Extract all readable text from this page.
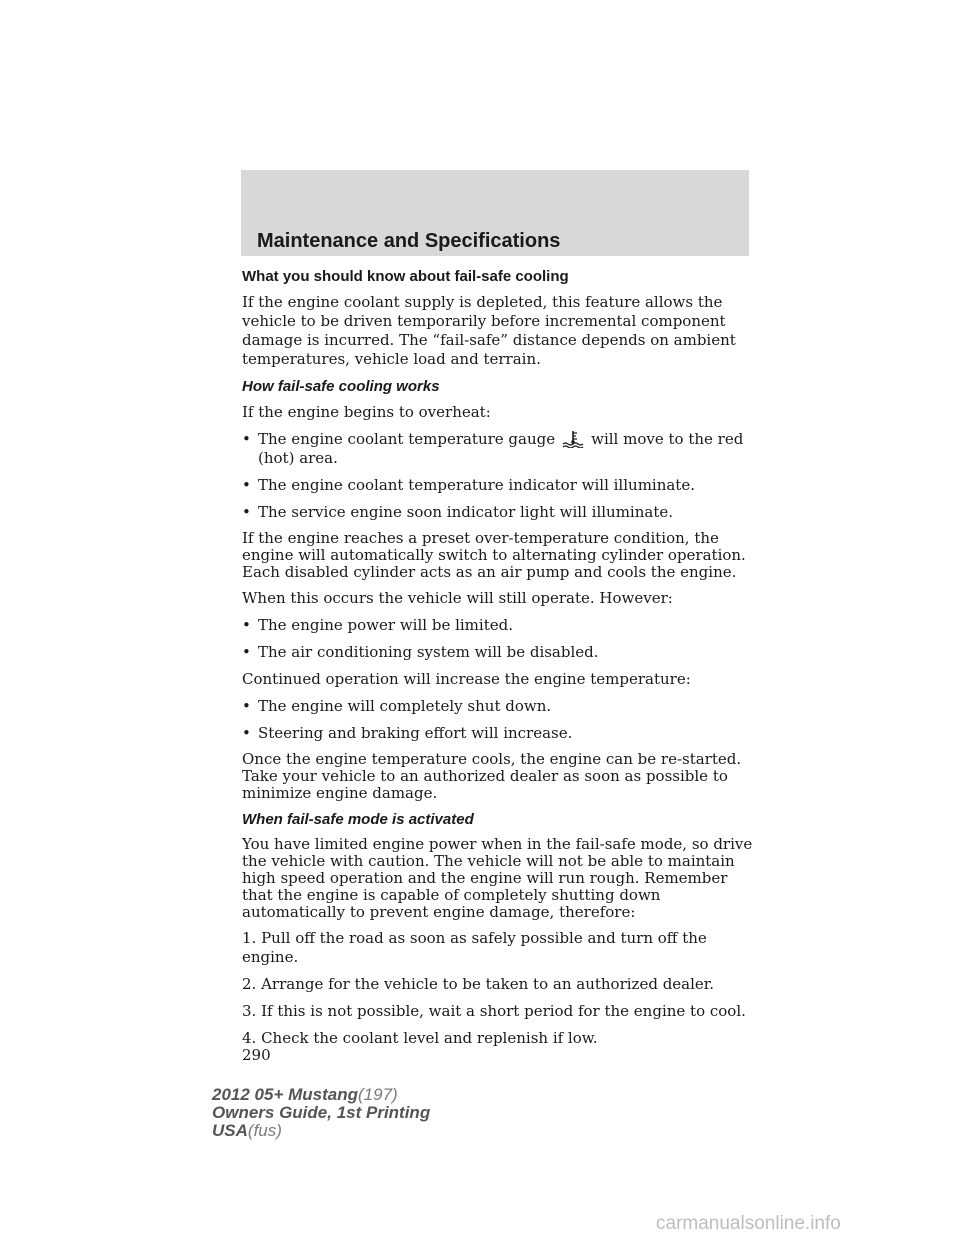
Maintenance and Specifications
What you should know about fail-safe cooling

If the engine coolant supply is depleted, this feature allows the vehicle to be driven temporarily before incremental component damage is incurred. The “fail-safe” distance depends on ambient temperatures, vehicle load and terrain.

How fail-safe cooling works

If the engine begins to overheat:

• The engine coolant temperature gauge will move to the red (hot) area.
• The engine coolant temperature indicator will illuminate.
• The service engine soon indicator light will illuminate.

If the engine reaches a preset over-temperature condition, the engine will automatically switch to alternating cylinder operation. Each disabled cylinder acts as an air pump and cools the engine.

When this occurs the vehicle will still operate. However:

• The engine power will be limited.
• The air conditioning system will be disabled.

Continued operation will increase the engine temperature:

• The engine will completely shut down.
• Steering and braking effort will increase.

Once the engine temperature cools, the engine can be re-started. Take your vehicle to an authorized dealer as soon as possible to minimize engine damage.

When fail-safe mode is activated

You have limited engine power when in the fail-safe mode, so drive the vehicle with caution. The vehicle will not be able to maintain high speed operation and the engine will run rough. Remember that the engine is capable of completely shutting down automatically to prevent engine damage, therefore:

1. Pull off the road as soon as safely possible and turn off the engine.

2. Arrange for the vehicle to be taken to an authorized dealer.

3. If this is not possible, wait a short period for the engine to cool.

4. Check the coolant level and replenish if low.

290
2012 05+ Mustang(197)
Owners Guide, 1st Printing
USA(fus)
carmanualsonline.info
